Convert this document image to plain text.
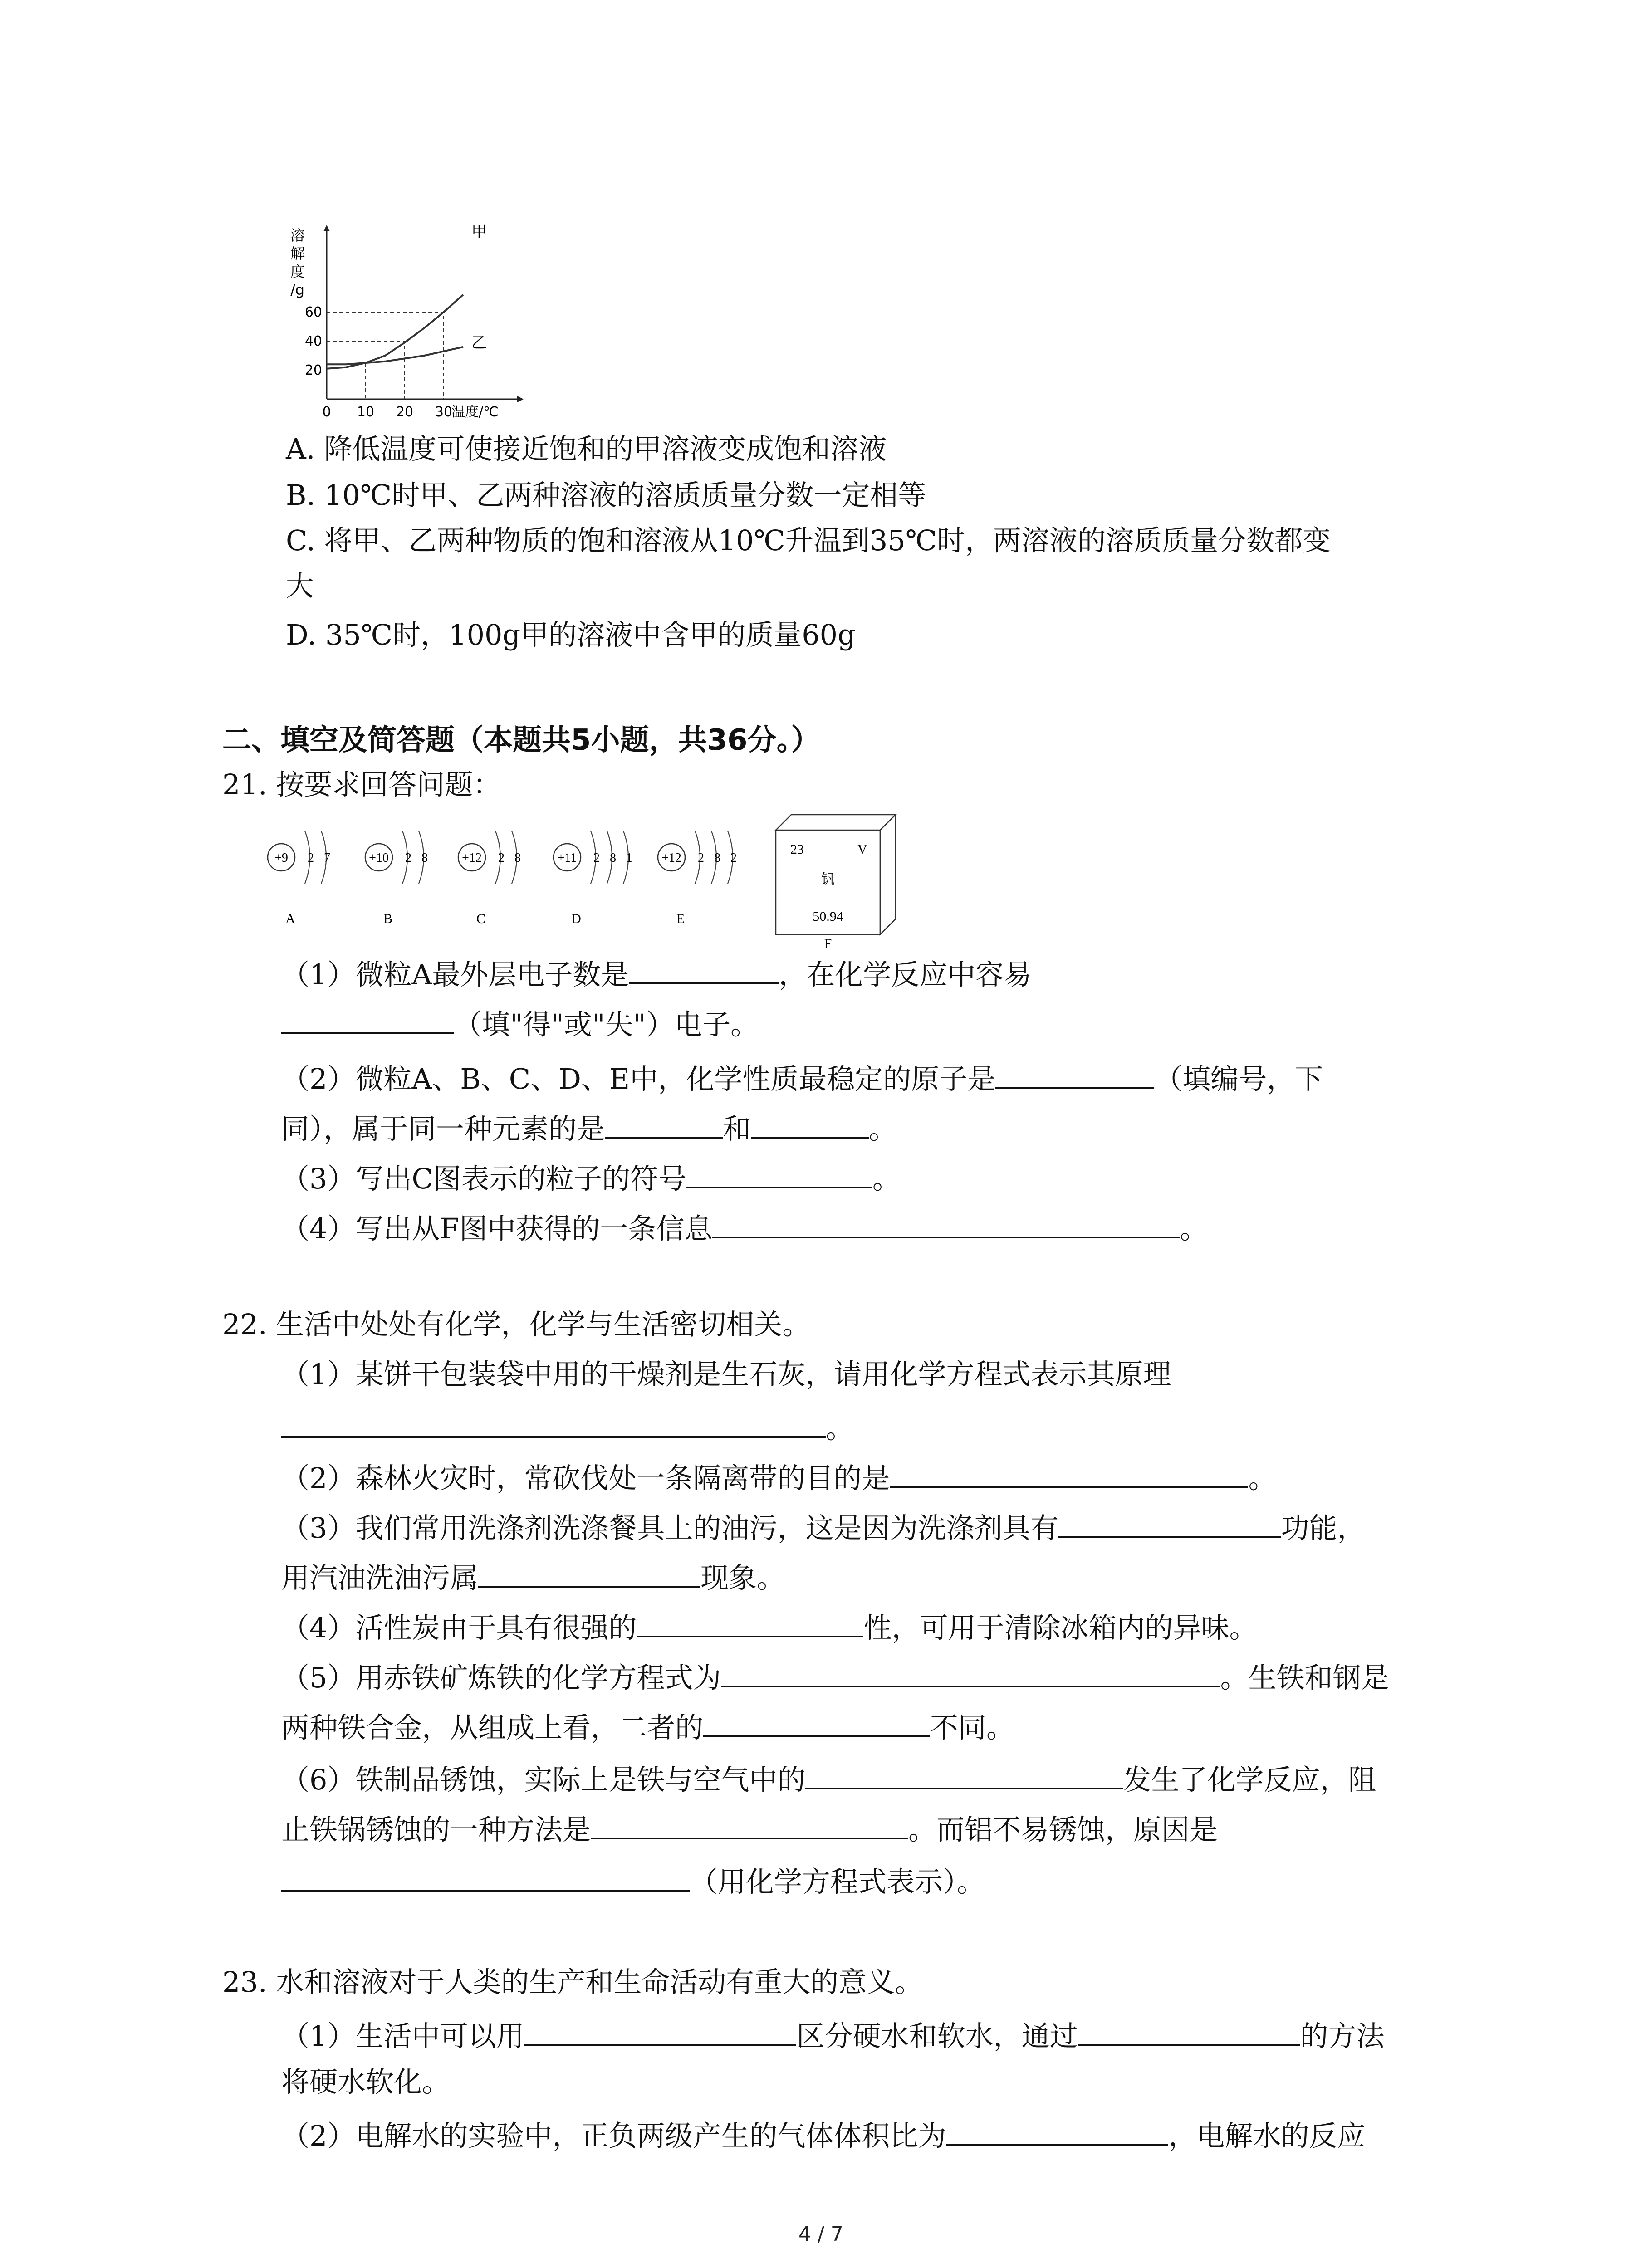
溶
解
度
/g
20
40
60
0 10 20 30
温度/℃
甲
乙
A. 降低温度可使接近饱和的甲溶液变成饱和溶液
B. 10℃时甲、乙两种溶液的溶质质量分数一定相等
C. 将甲、乙两种物质的饱和溶液从10℃升温到35℃时，两溶液的溶质质量分数都变
大
D. 35℃时，100g甲的溶液中含甲的质量60g
二、填空及简答题（本题共5小题，共36分。）
21. 按要求回答问题：
+9 2 7
A
+10 2 8
B
+12 2 8
C
+11 2 8 1
D
+12 2 8 2
E
23	V
钒
50.94
F
（1）微粒A最外层电子数是	，在化学反应中容易
（填"得"或"失"）电子。
（2）微粒A、B、C、D、E中，化学性质最稳定的原子是	（填编号，下
同），属于同一种元素的是	和	。
（3）写出C图表示的粒子的符号	。
（4）写出从F图中获得的一条信息	。
22. 生活中处处有化学，化学与生活密切相关。
（1）某饼干包装袋中用的干燥剂是生石灰，请用化学方程式表示其原理
。
（2）森林火灾时，常砍伐处一条隔离带的目的是	。
（3）我们常用洗涤剂洗涤餐具上的油污，这是因为洗涤剂具有	功能，
用汽油洗油污属	现象。
（4）活性炭由于具有很强的	性，可用于清除冰箱内的异味。
（5）用赤铁矿炼铁的化学方程式为	。生铁和钢是
两种铁合金，从组成上看，二者的	不同。
（6）铁制品锈蚀，实际上是铁与空气中的	发生了化学反应，阻
止铁锅锈蚀的一种方法是	。而铝不易锈蚀，原因是
（用化学方程式表示）。
23. 水和溶液对于人类的生产和生命活动有重大的意义。
（1）生活中可以用	区分硬水和软水，通过	的方法
将硬水软化。
（2）电解水的实验中，正负两级产生的气体体积比为	，电解水的反应
4 / 7
